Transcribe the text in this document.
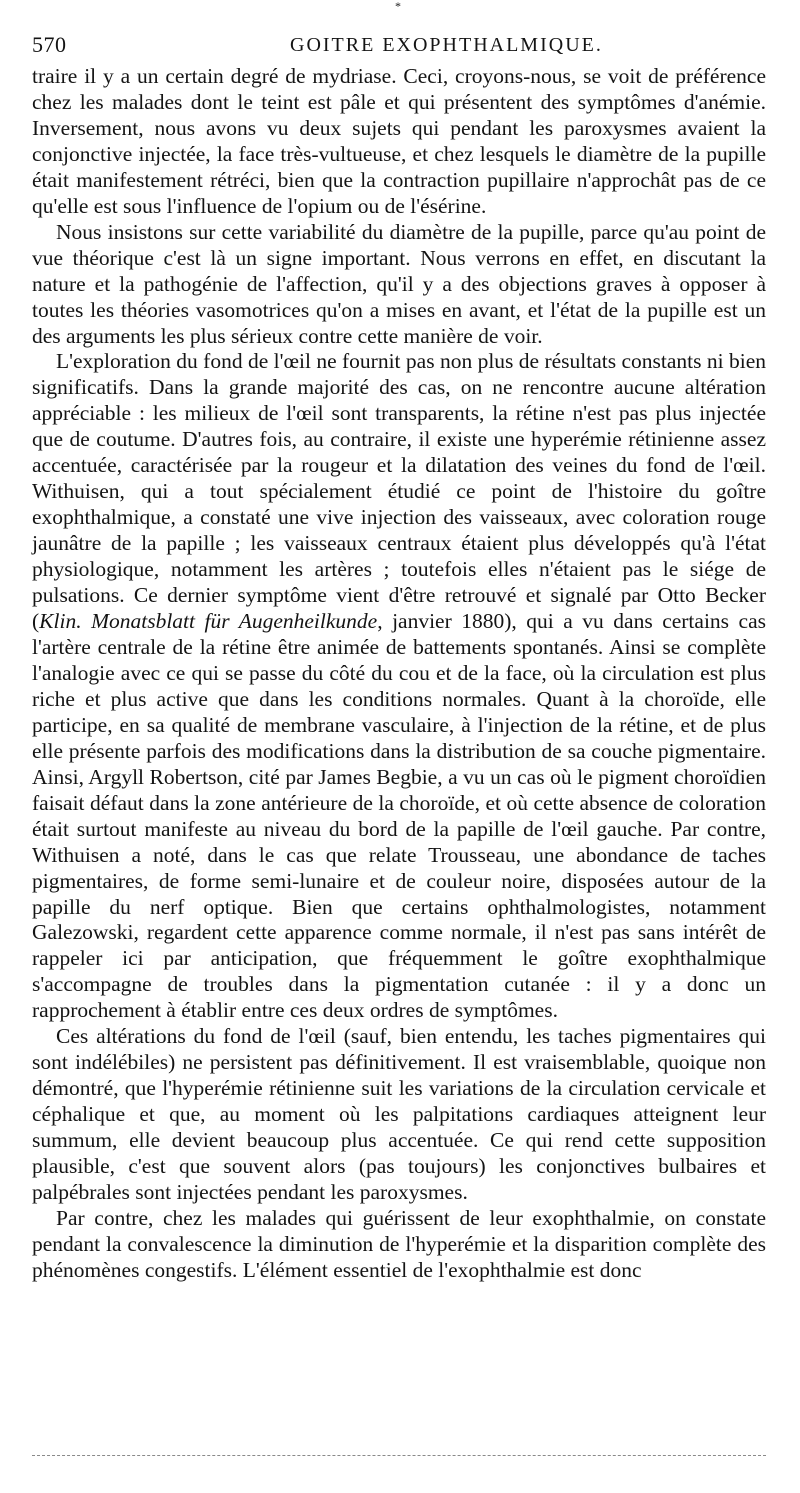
*
570	GOITRE EXOPHTHALMIQUE.

traire il y a un certain degré de mydriase. Ceci, croyons-nous, se voit de préférence chez les malades dont le teint est pâle et qui présentent des symptômes d'anémie. Inversement, nous avons vu deux sujets qui pendant les paroxysmes avaient la conjonctive injectée, la face très-vultueuse, et chez lesquels le diamètre de la pupille était manifestement rétréci, bien que la contraction pupillaire n'approchât pas de ce qu'elle est sous l'influence de l'opium ou de l'ésérine.

Nous insistons sur cette variabilité du diamètre de la pupille, parce qu'au point de vue théorique c'est là un signe important. Nous verrons en effet, en discutant la nature et la pathogénie de l'affection, qu'il y a des objections graves à opposer à toutes les théories vasomotrices qu'on a mises en avant, et l'état de la pupille est un des arguments les plus sérieux contre cette manière de voir.

L'exploration du fond de l'œil ne fournit pas non plus de résultats constants ni bien significatifs. Dans la grande majorité des cas, on ne rencontre aucune altération appréciable : les milieux de l'œil sont transparents, la rétine n'est pas plus injectée que de coutume. D'autres fois, au contraire, il existe une hyperémie rétinienne assez accentuée, caractérisée par la rougeur et la dilatation des veines du fond de l'œil. Withuisen, qui a tout spécialement étudié ce point de l'histoire du goître exophthalmique, a constaté une vive injection des vaisseaux, avec coloration rouge jaunâtre de la papille ; les vaisseaux centraux étaient plus développés qu'à l'état physiologique, notamment les artères ; toutefois elles n'étaient pas le siége de pulsations. Ce dernier symptôme vient d'être retrouvé et signalé par Otto Becker (Klin. Monatsblatt für Augenheilkunde, janvier 1880), qui a vu dans certains cas l'artère centrale de la rétine être animée de battements spontanés. Ainsi se complète l'analogie avec ce qui se passe du côté du cou et de la face, où la circulation est plus riche et plus active que dans les conditions normales. Quant à la choroïde, elle participe, en sa qualité de membrane vasculaire, à l'injection de la rétine, et de plus elle présente parfois des modifications dans la distribution de sa couche pigmentaire. Ainsi, Argyll Robertson, cité par James Begbie, a vu un cas où le pigment choroïdien faisait défaut dans la zone antérieure de la choroïde, et où cette absence de coloration était surtout manifeste au niveau du bord de la papille de l'œil gauche. Par contre, Withuisen a noté, dans le cas que relate Trousseau, une abondance de taches pigmentaires, de forme semi-lunaire et de couleur noire, disposées autour de la papille du nerf optique. Bien que certains ophthalmologistes, notamment Galezowski, regardent cette apparence comme normale, il n'est pas sans intérêt de rappeler ici par anticipation, que fréquemment le goître exophthalmique s'accompagne de troubles dans la pigmentation cutanée : il y a donc un rapprochement à établir entre ces deux ordres de symptômes.

Ces altérations du fond de l'œil (sauf, bien entendu, les taches pigmentaires qui sont indélébiles) ne persistent pas définitivement. Il est vraisemblable, quoique non démontré, que l'hyperémie rétinienne suit les variations de la circulation cervicale et céphalique et que, au moment où les palpitations cardiaques atteignent leur summum, elle devient beaucoup plus accentuée. Ce qui rend cette supposition plausible, c'est que souvent alors (pas toujours) les conjonctives bulbaires et palpébrales sont injectées pendant les paroxysmes.

Par contre, chez les malades qui guérissent de leur exophthalmie, on constate pendant la convalescence la diminution de l'hyperémie et la disparition complète des phénomènes congestifs. L'élément essentiel de l'exophthalmie est donc
